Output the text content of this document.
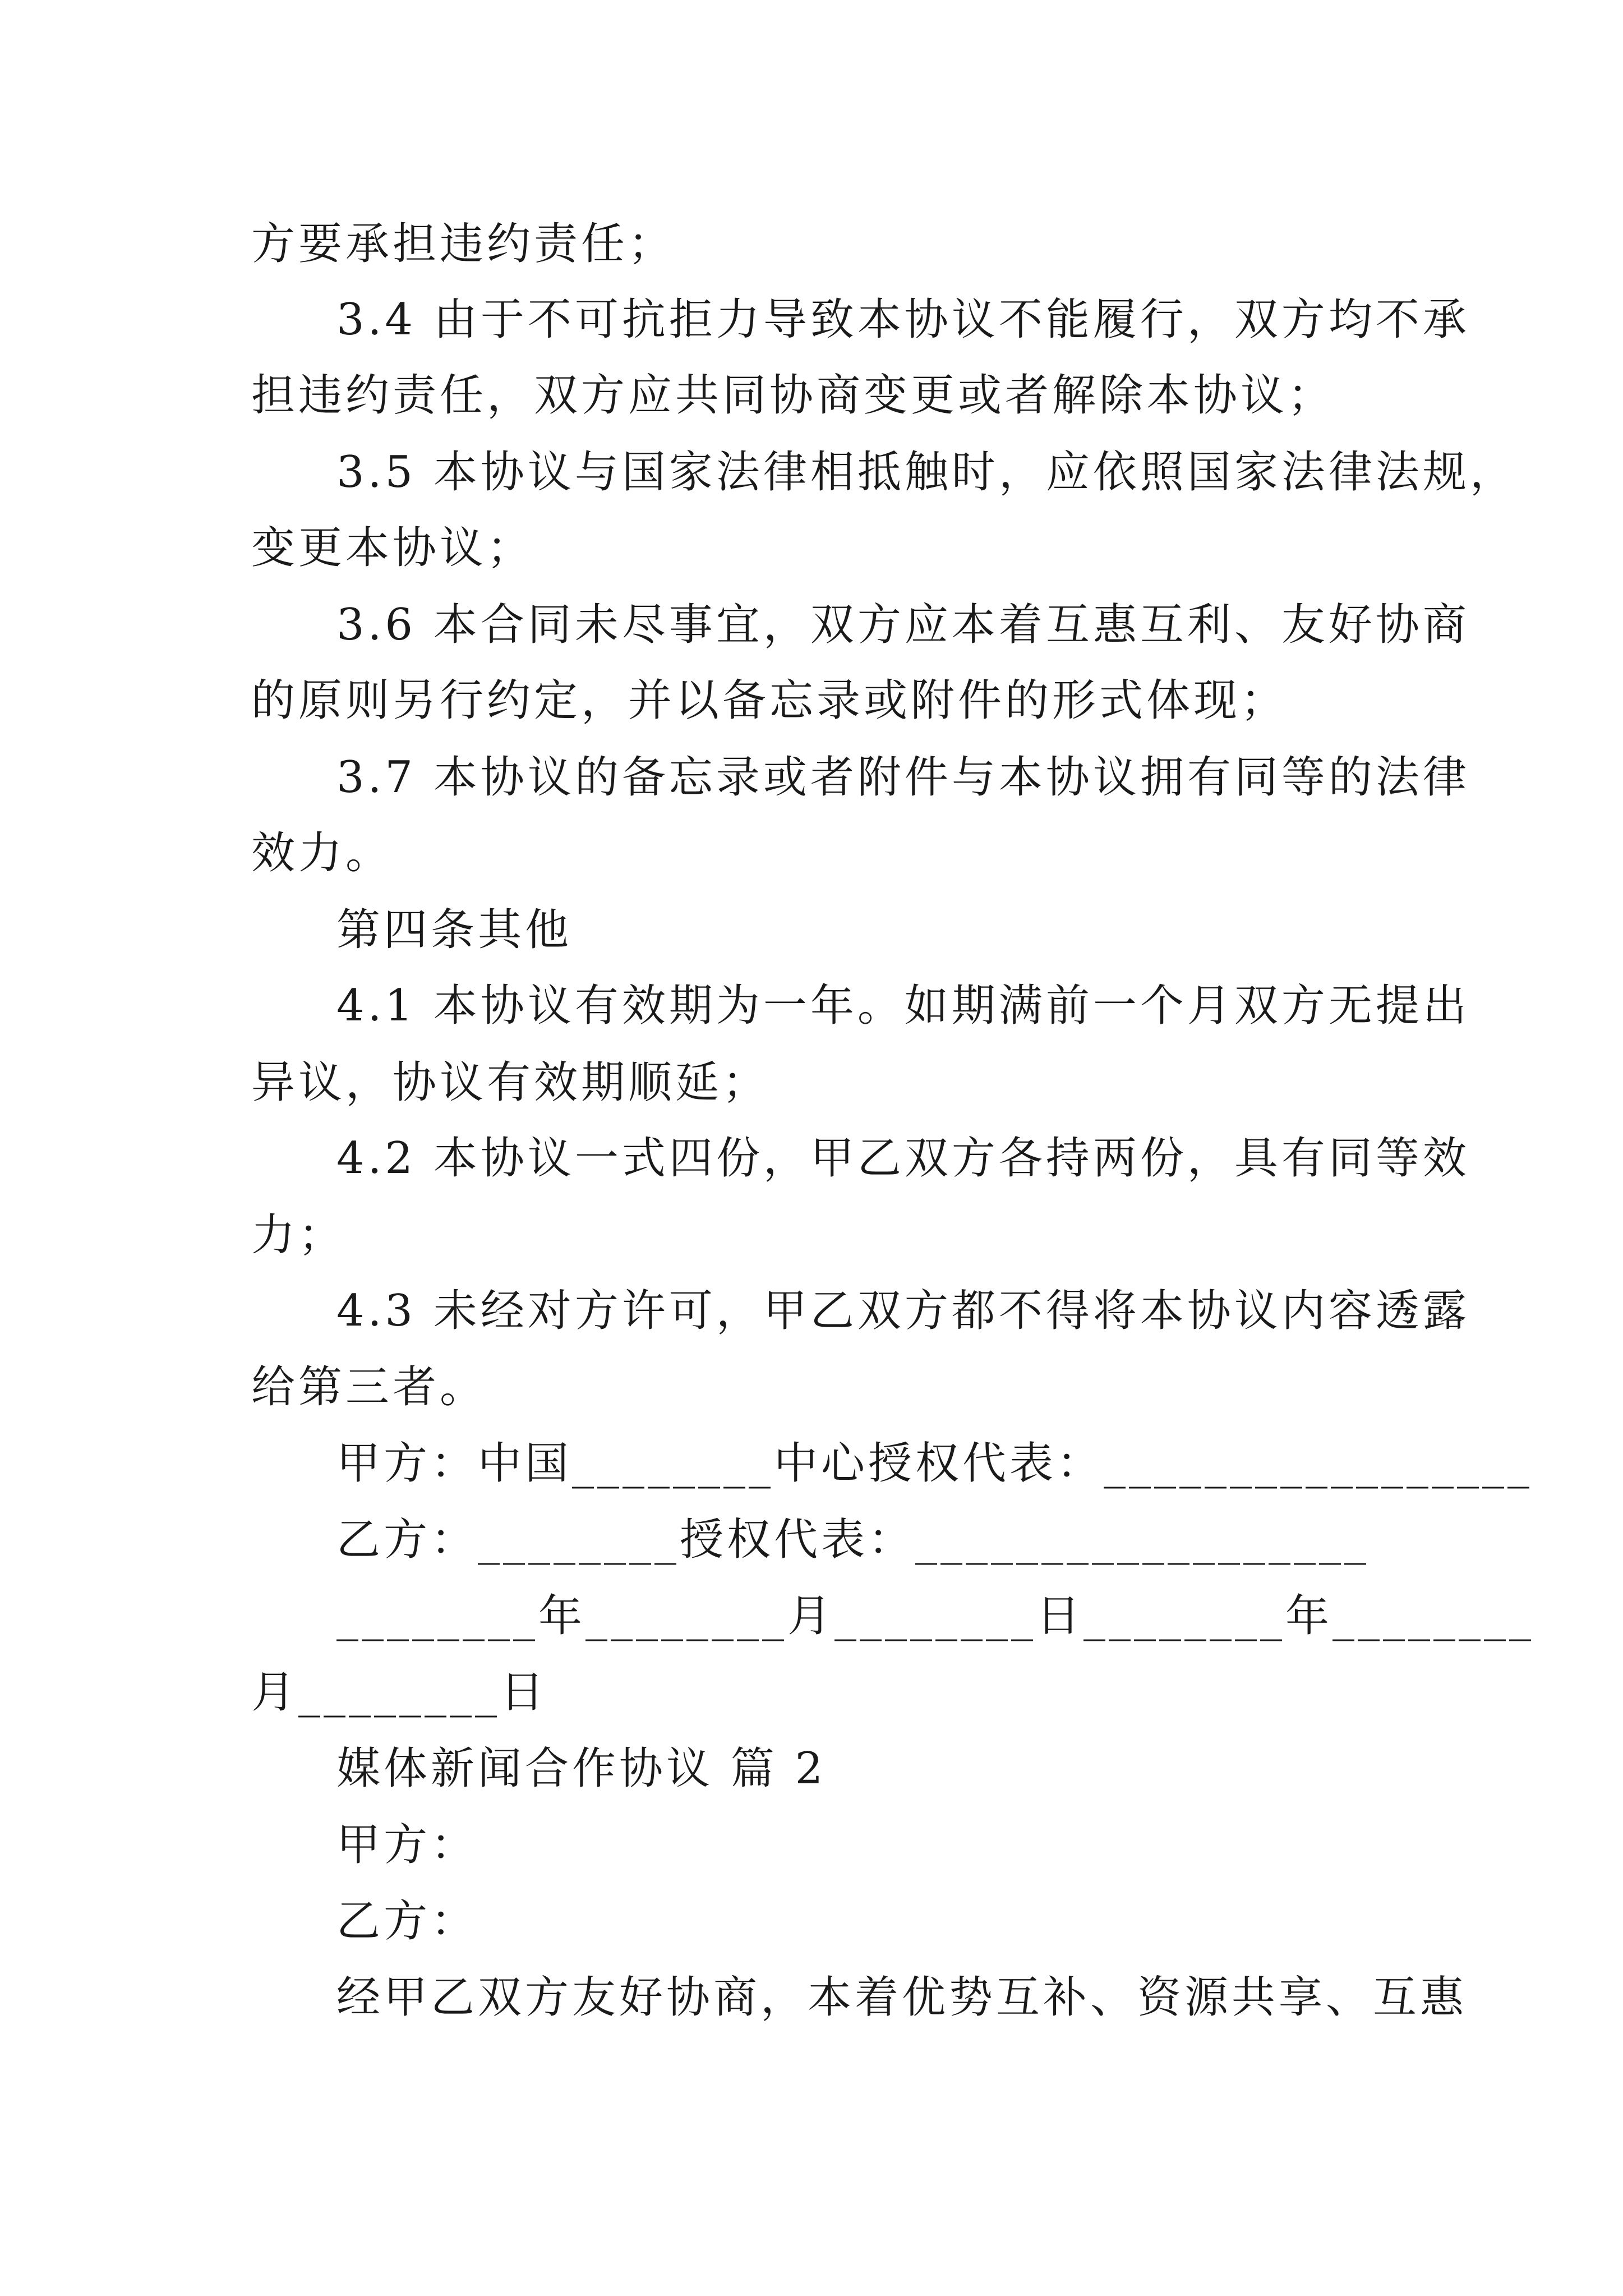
方要承担违约责任；
3.4 由于不可抗拒力导致本协议不能履行，双方均不承
担违约责任，双方应共同协商变更或者解除本协议；
3.5 本协议与国家法律相抵触时，应依照国家法律法规，
变更本协议；
3.6 本合同未尽事宜，双方应本着互惠互利、友好协商
的原则另行约定，并以备忘录或附件的形式体现；
3.7 本协议的备忘录或者附件与本协议拥有同等的法律
效力。
第四条其他
4.1 本协议有效期为一年。如期满前一个月双方无提出
异议，协议有效期顺延；
4.2 本协议一式四份，甲乙双方各持两份，具有同等效
力；
4.3 未经对方许可，甲乙双方都不得将本协议内容透露
给第三者。
甲方：中国________中心授权代表：_________________
乙方：________授权代表：__________________
________年________月________日________年________
月________日
媒体新闻合作协议 篇 2
甲方：
乙方：
经甲乙双方友好协商，本着优势互补、资源共享、互惠
